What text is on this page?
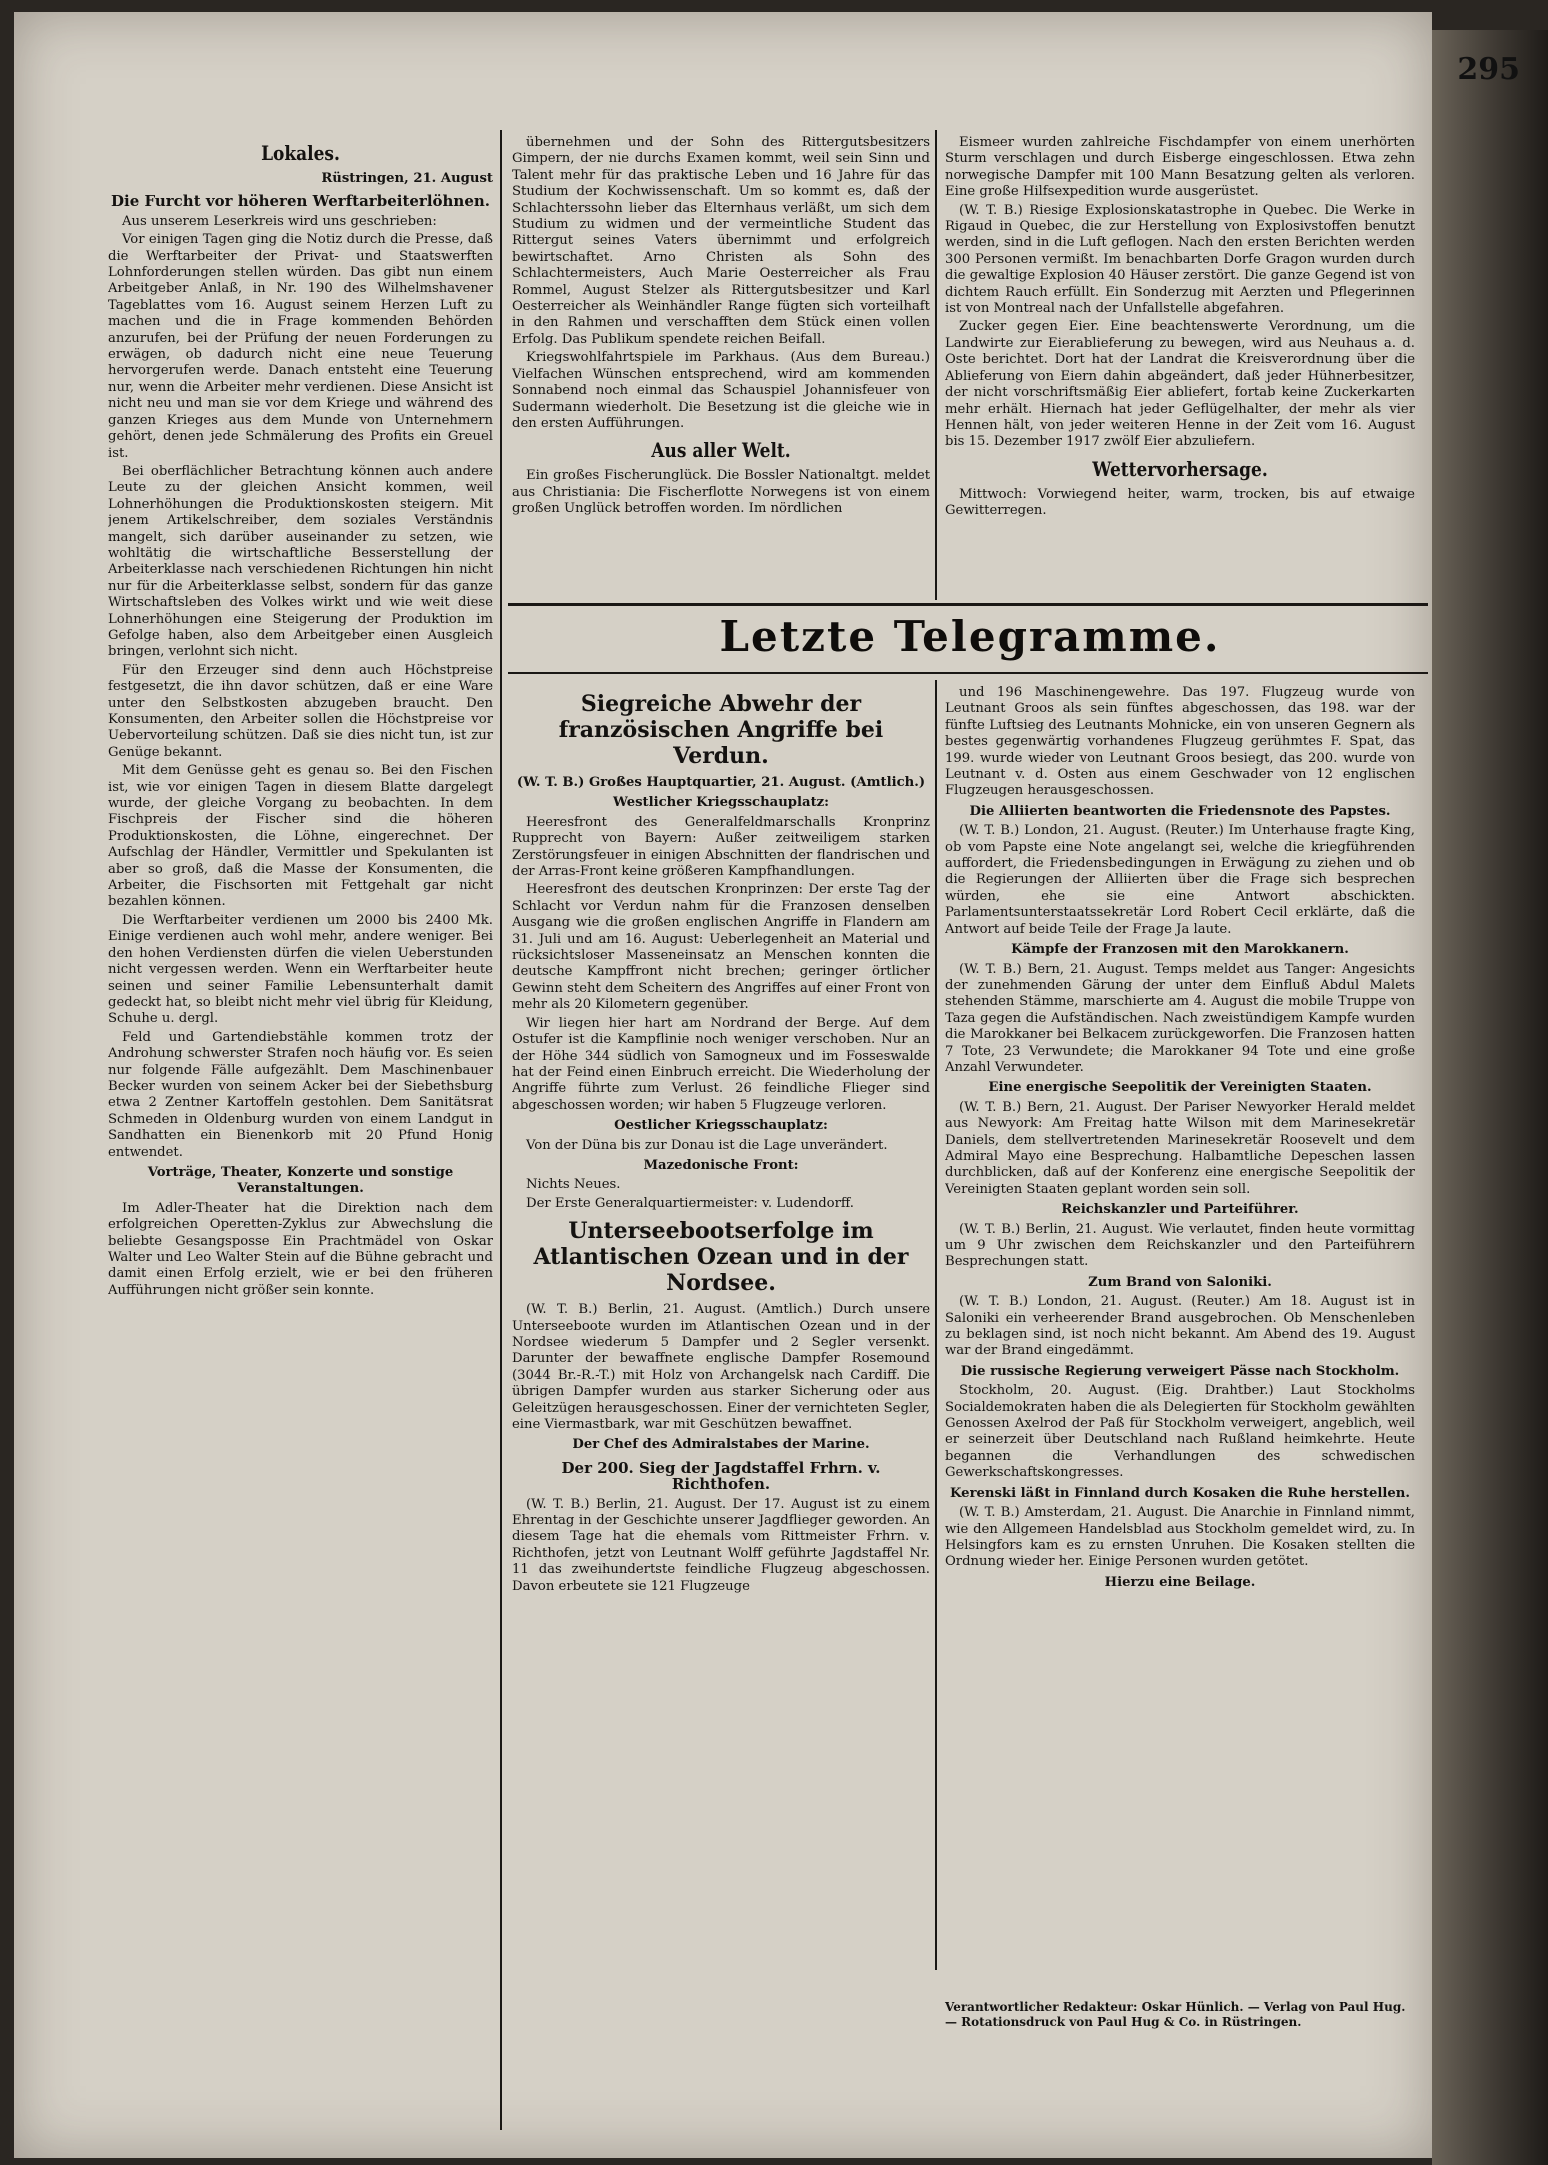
295
Lokales.
Rüstringen, 21. August
Die Furcht vor höheren Werftarbeiterlöhnen.

Aus unserem Leserkreis wird uns geschrieben:

Vor einigen Tagen ging die Notiz durch die Presse, daß die Werftarbeiter der Privat- und Staatswerften Lohnforderungen stellen würden. Das gibt nun einem Arbeitgeber Anlaß, in Nr. 190 des Wilhelmshavener Tageblattes vom 16. August seinem Herzen Luft zu machen und die in Frage kommenden Behörden anzurufen, bei der Prüfung der neuen Forderungen zu erwägen, ob dadurch nicht eine neue Teuerung hervorgerufen werde. Danach entsteht eine Teuerung nur, wenn die Arbeiter mehr verdienen. Diese Ansicht ist nicht neu und man sie vor dem Kriege und während des ganzen Krieges aus dem Munde von Unternehmern gehört, denen jede Schmälerung des Profits ein Greuel ist.

Bei oberflächlicher Betrachtung können auch andere Leute zu der gleichen Ansicht kommen, weil Lohnerhöhungen die Produktionskosten steigern. Mit jenem Artikelschreiber, dem soziales Verständnis mangelt, sich darüber auseinander zu setzen, wie wohltätig die wirtschaftliche Besserstellung der Arbeiterklasse nach verschiedenen Richtungen hin nicht nur für die Arbeiterklasse selbst, sondern für das ganze Wirtschaftsleben des Volkes wirkt und wie weit diese Lohnerhöhungen eine Steigerung der Produktion im Gefolge haben, also dem Arbeitgeber einen Ausgleich bringen, verlohnt sich nicht.

Für den Erzeuger sind denn auch Höchstpreise festgesetzt, die ihn davor schützen, daß er eine Ware unter den Selbstkosten abzugeben braucht. Den Konsumenten, den Arbeiter sollen die Höchstpreise vor Uebervorteilung schützen. Daß sie dies nicht tun, ist zur Genüge bekannt.

Mit dem Genüsse geht es genau so. Bei den Fischen ist, wie vor einigen Tagen in diesem Blatte dargelegt wurde, der gleiche Vorgang zu beobachten. In dem Fischpreis der Fischer sind die höheren Produktionskosten, die Löhne, eingerechnet. Der Aufschlag der Händler, Vermittler und Spekulanten ist aber so groß, daß die Masse der Konsumenten, die Arbeiter, die Fischsorten mit Fettgehalt gar nicht bezahlen können.

Die Werftarbeiter verdienen um 2000 bis 2400 Mk. Einige verdienen auch wohl mehr, andere weniger. Bei den hohen Verdiensten dürfen die vielen Ueberstunden nicht vergessen werden. Wenn ein Werftarbeiter heute seinen und seiner Familie Lebensunterhalt damit gedeckt hat, so bleibt nicht mehr viel übrig für Kleidung, Schuhe u. dergl.

Feld und Gartendiebstähle kommen trotz der Androhung schwerster Strafen noch häufig vor. Es seien nur folgende Fälle aufgezählt. Dem Maschinenbauer Becker wurden von seinem Acker bei der Siebethsburg etwa 2 Zentner Kartoffeln gestohlen. Dem Sanitätsrat Schmeden in Oldenburg wurden von einem Landgut in Sandhatten ein Bienenkorb mit 20 Pfund Honig entwendet.

Vorträge, Theater, Konzerte und sonstige Veranstaltungen.

Im Adler-Theater hat die Direktion nach dem erfolgreichen Operetten-Zyklus zur Abwechslung die beliebte Gesangsposse Ein Prachtmädel von Oskar Walter und Leo Walter Stein auf die Bühne gebracht und damit einen Erfolg erzielt, wie er bei den früheren Aufführungen nicht größer sein konnte.

übernehmen und der Sohn des Rittergutsbesitzers Gimpern, der nie durchs Examen kommt, weil sein Sinn und Talent mehr für das praktische Leben und 16 Jahre für das Studium der Kochwissenschaft. Um so kommt es, daß der Schlachterssohn lieber das Elternhaus verläßt, um sich dem Studium zu widmen und der vermeintliche Student das Rittergut seines Vaters übernimmt und erfolgreich bewirtschaftet. Arno Christen als Sohn des Schlachtermeisters, Auch Marie Oesterreicher als Frau Rommel, August Stelzer als Rittergutsbesitzer und Karl Oesterreicher als Weinhändler Range fügten sich vorteilhaft in den Rahmen und verschafften dem Stück einen vollen Erfolg. Das Publikum spendete reichen Beifall.

Kriegswohlfahrtspiele im Parkhaus. (Aus dem Bureau.) Vielfachen Wünschen entsprechend, wird am kommenden Sonnabend noch einmal das Schauspiel Johannisfeuer von Sudermann wiederholt. Die Besetzung ist die gleiche wie in den ersten Aufführungen.

Aus aller Welt.

Ein großes Fischerunglück. Die Bossler Nationaltgt. meldet aus Christiania: Die Fischerflotte Norwegens ist von einem großen Unglück betroffen worden. Im nördlichen

Eismeer wurden zahlreiche Fischdampfer von einem unerhörten Sturm verschlagen und durch Eisberge eingeschlossen. Etwa zehn norwegische Dampfer mit 100 Mann Besatzung gelten als verloren. Eine große Hilfsexpedition wurde ausgerüstet.

(W. T. B.) Riesige Explosionskatastrophe in Quebec. Die Werke in Rigaud in Quebec, die zur Herstellung von Explosivstoffen benutzt werden, sind in die Luft geflogen. Nach den ersten Berichten werden 300 Personen vermißt. Im benachbarten Dorfe Gragon wurden durch die gewaltige Explosion 40 Häuser zerstört. Die ganze Gegend ist von dichtem Rauch erfüllt. Ein Sonderzug mit Aerzten und Pflegerinnen ist von Montreal nach der Unfallstelle abgefahren.

Zucker gegen Eier. Eine beachtenswerte Verordnung, um die Landwirte zur Eierablieferung zu bewegen, wird aus Neuhaus a. d. Oste berichtet. Dort hat der Landrat die Kreisverordnung über die Ablieferung von Eiern dahin abgeändert, daß jeder Hühnerbesitzer, der nicht vorschriftsmäßig Eier abliefert, fortab keine Zuckerkarten mehr erhält. Hiernach hat jeder Geflügelhalter, der mehr als vier Hennen hält, von jeder weiteren Henne in der Zeit vom 16. August bis 15. Dezember 1917 zwölf Eier abzuliefern.

Wettervorhersage.

Mittwoch: Vorwiegend heiter, warm, trocken, bis auf etwaige Gewitterregen.

Letzte Telegramme.
Siegreiche Abwehr der französischen Angriffe bei Verdun.
(W. T. B.) Großes Hauptquartier, 21. August. (Amtlich.)
Westlicher Kriegsschauplatz:

Heeresfront des Generalfeldmarschalls Kronprinz Rupprecht von Bayern: Außer zeitweiligem starken Zerstörungsfeuer in einigen Abschnitten der flandrischen und der Arras-Front keine größeren Kampfhandlungen.

Heeresfront des deutschen Kronprinzen: Der erste Tag der Schlacht vor Verdun nahm für die Franzosen denselben Ausgang wie die großen englischen Angriffe in Flandern am 31. Juli und am 16. August: Ueberlegenheit an Material und rücksichtsloser Masseneinsatz an Menschen konnten die deutsche Kampffront nicht brechen; geringer örtlicher Gewinn steht dem Scheitern des Angriffes auf einer Front von mehr als 20 Kilometern gegenüber.

Wir liegen hier hart am Nordrand der Berge. Auf dem Ostufer ist die Kampflinie noch weniger verschoben. Nur an der Höhe 344 südlich von Samogneux und im Fosseswalde hat der Feind einen Einbruch erreicht. Die Wiederholung der Angriffe führte zum Verlust. 26 feindliche Flieger sind abgeschossen worden; wir haben 5 Flugzeuge verloren.

Oestlicher Kriegsschauplatz:

Von der Düna bis zur Donau ist die Lage unverändert.

Mazedonische Front:

Nichts Neues.

Der Erste Generalquartiermeister: v. Ludendorff.

Unterseebootserfolge im Atlantischen Ozean und in der Nordsee.

(W. T. B.) Berlin, 21. August. (Amtlich.) Durch unsere Unterseeboote wurden im Atlantischen Ozean und in der Nordsee wiederum 5 Dampfer und 2 Segler versenkt. Darunter der bewaffnete englische Dampfer Rosemound (3044 Br.-R.-T.) mit Holz von Archangelsk nach Cardiff. Die übrigen Dampfer wurden aus starker Sicherung oder aus Geleitzügen herausgeschossen. Einer der vernichteten Segler, eine Viermastbark, war mit Geschützen bewaffnet.

Der Chef des Admiralstabes der Marine.
Der 200. Sieg der Jagdstaffel Frhrn. v. Richthofen.

(W. T. B.) Berlin, 21. August. Der 17. August ist zu einem Ehrentag in der Geschichte unserer Jagdflieger geworden. An diesem Tage hat die ehemals vom Rittmeister Frhrn. v. Richthofen, jetzt von Leutnant Wolff geführte Jagdstaffel Nr. 11 das zweihundertste feindliche Flugzeug abgeschossen. Davon erbeutete sie 121 Flugzeuge

und 196 Maschinengewehre. Das 197. Flugzeug wurde von Leutnant Groos als sein fünftes abgeschossen, das 198. war der fünfte Luftsieg des Leutnants Mohnicke, ein von unseren Gegnern als bestes gegenwärtig vorhandenes Flugzeug gerühmtes F. Spat, das 199. wurde wieder von Leutnant Groos besiegt, das 200. wurde von Leutnant v. d. Osten aus einem Geschwader von 12 englischen Flugzeugen herausgeschossen.

Die Alliierten beantworten die Friedensnote des Papstes.

(W. T. B.) London, 21. August. (Reuter.) Im Unterhause fragte King, ob vom Papste eine Note angelangt sei, welche die kriegführenden auffordert, die Friedensbedingungen in Erwägung zu ziehen und ob die Regierungen der Alliierten über die Frage sich besprechen würden, ehe sie eine Antwort abschickten. Parlamentsunterstaatssekretär Lord Robert Cecil erklärte, daß die Antwort auf beide Teile der Frage Ja laute.

Kämpfe der Franzosen mit den Marokkanern.

(W. T. B.) Bern, 21. August. Temps meldet aus Tanger: Angesichts der zunehmenden Gärung der unter dem Einfluß Abdul Malets stehenden Stämme, marschierte am 4. August die mobile Truppe von Taza gegen die Aufständischen. Nach zweistündigem Kampfe wurden die Marokkaner bei Belkacem zurückgeworfen. Die Franzosen hatten 7 Tote, 23 Verwundete; die Marokkaner 94 Tote und eine große Anzahl Verwundeter.

Eine energische Seepolitik der Vereinigten Staaten.

(W. T. B.) Bern, 21. August. Der Pariser Newyorker Herald meldet aus Newyork: Am Freitag hatte Wilson mit dem Marinesekretär Daniels, dem stellvertretenden Marinesekretär Roosevelt und dem Admiral Mayo eine Besprechung. Halbamtliche Depeschen lassen durchblicken, daß auf der Konferenz eine energische Seepolitik der Vereinigten Staaten geplant worden sein soll.

Reichskanzler und Parteiführer.

(W. T. B.) Berlin, 21. August. Wie verlautet, finden heute vormittag um 9 Uhr zwischen dem Reichskanzler und den Parteiführern Besprechungen statt.

Zum Brand von Saloniki.

(W. T. B.) London, 21. August. (Reuter.) Am 18. August ist in Saloniki ein verheerender Brand ausgebrochen. Ob Menschenleben zu beklagen sind, ist noch nicht bekannt. Am Abend des 19. August war der Brand eingedämmt.

Die russische Regierung verweigert Pässe nach Stockholm.

Stockholm, 20. August. (Eig. Drahtber.) Laut Stockholms Socialdemokraten haben die als Delegierten für Stockholm gewählten Genossen Axelrod der Paß für Stockholm verweigert, angeblich, weil er seinerzeit über Deutschland nach Rußland heimkehrte. Heute begannen die Verhandlungen des schwedischen Gewerkschaftskongresses.

Kerenski läßt in Finnland durch Kosaken die Ruhe herstellen.

(W. T. B.) Amsterdam, 21. August. Die Anarchie in Finnland nimmt, wie den Allgemeen Handelsblad aus Stockholm gemeldet wird, zu. In Helsingfors kam es zu ernsten Unruhen. Die Kosaken stellten die Ordnung wieder her. Einige Personen wurden getötet.

Hierzu eine Beilage.
Verantwortlicher Redakteur: Oskar Hünlich. — Verlag von Paul Hug. — Rotationsdruck von Paul Hug & Co. in Rüstringen.
